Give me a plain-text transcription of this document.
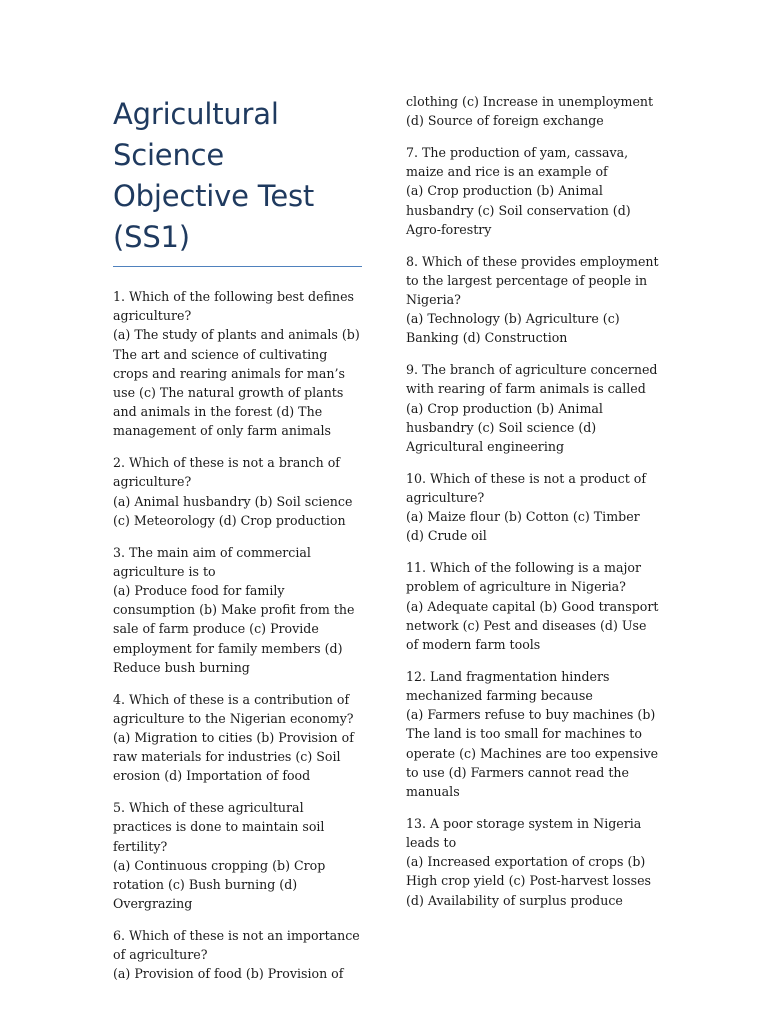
Agricultural Science Objective Test (SS1)

1. Which of the following best defines agriculture?

(a) The study of plants and animals (b) The art and science of cultivating crops and rearing animals for man’s use (c) The natural growth of plants and animals in the forest (d) The management of only farm animals

2. Which of these is not a branch of agriculture?

(a) Animal husbandry (b) Soil science (c) Meteorology (d) Crop production

3. The main aim of commercial agriculture is to

(a) Produce food for family consumption (b) Make profit from the sale of farm produce (c) Provide employment for family members (d) Reduce bush burning

4. Which of these is a contribution of agriculture to the Nigerian economy?

(a) Migration to cities (b) Provision of raw materials for industries (c) Soil erosion (d) Importation of food

5. Which of these agricultural practices is done to maintain soil fertility?

(a) Continuous cropping (b) Crop rotation (c) Bush burning (d) Overgrazing

6. Which of these is not an importance of agriculture?

(a) Provision of food (b) Provision of

clothing (c) Increase in unemployment (d) Source of foreign exchange

7. The production of yam, cassava, maize and rice is an example of

(a) Crop production (b) Animal husbandry (c) Soil conservation (d) Agro-forestry

8. Which of these provides employment to the largest percentage of people in Nigeria?

(a) Technology (b) Agriculture (c) Banking (d) Construction

9. The branch of agriculture concerned with rearing of farm animals is called

(a) Crop production (b) Animal husbandry (c) Soil science (d) Agricultural engineering

10. Which of these is not a product of agriculture?

(a) Maize flour (b) Cotton (c) Timber (d) Crude oil

11. Which of the following is a major problem of agriculture in Nigeria?

(a) Adequate capital (b) Good transport network (c) Pest and diseases (d) Use of modern farm tools

12. Land fragmentation hinders mechanized farming because

(a) Farmers refuse to buy machines (b) The land is too small for machines to operate (c) Machines are too expensive to use (d) Farmers cannot read the manuals

13. A poor storage system in Nigeria leads to

(a) Increased exportation of crops (b) High crop yield (c) Post-harvest losses (d) Availability of surplus produce
